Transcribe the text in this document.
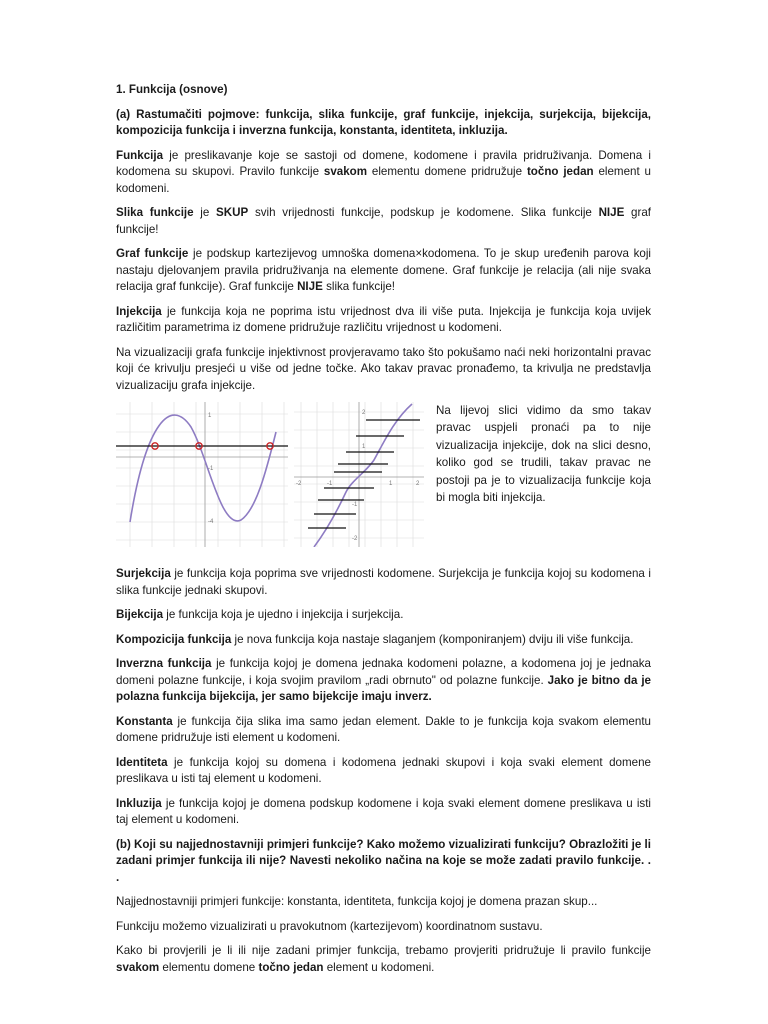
1. Funkcija (osnove)

(a) Rastumačiti pojmove: funkcija, slika funkcije, graf funkcije, injekcija, surjekcija, bijekcija, kompozicija funkcija i inverzna funkcija, konstanta, identiteta, inkluzija.

Funkcija je preslikavanje koje se sastoji od domene, kodomene i pravila pridruživanja. Domena i kodomena su skupovi. Pravilo funkcije svakom elementu domene pridružuje točno jedan element u kodomeni.

Slika funkcije je SKUP svih vrijednosti funkcije, podskup je kodomene. Slika funkcije NIJE graf funkcije!

Graf funkcije je podskup kartezijevog umnoška domena×kodomena. To je skup uređenih parova koji nastaju djelovanjem pravila pridruživanja na elemente domene. Graf funkcije je relacija (ali nije svaka relacija graf funkcije). Graf funkcije NIJE slika funkcije!

Injekcija je funkcija koja ne poprima istu vrijednost dva ili više puta. Injekcija je funkcija koja uvijek različitim parametrima iz domene pridružuje različitu vrijednost u kodomeni.

Na vizualizaciji grafa funkcije injektivnost provjeravamo tako što pokušamo naći neki horizontalni pravac koji će krivulju presjeći u više od jedne točke. Ako takav pravac pronađemo, ta krivulja ne predstavlja vizualizaciju grafa injekcije.

1
-1
-4
2
1
-1
-2
-2	-1	1	2
Na lijevoj slici vidimo da smo takav pravac uspjeli pronaći pa to nije vizualizacija injekcije, dok na slici desno, koliko god se trudili, takav pravac ne postoji pa je to vizualizacija funkcije koja bi mogla biti injekcija.

Surjekcija je funkcija koja poprima sve vrijednosti kodomene. Surjekcija je funkcija kojoj su kodomena i slika funkcije jednaki skupovi.

Bijekcija je funkcija koja je ujedno i injekcija i surjekcija.

Kompozicija funkcija je nova funkcija koja nastaje slaganjem (komponiranjem) dviju ili više funkcija.

Inverzna funkcija je funkcija kojoj je domena jednaka kodomeni polazne, a kodomena joj je jednaka domeni polazne funkcije, i koja svojim pravilom „radi obrnuto" od polazne funkcije. Jako je bitno da je polazna funkcija bijekcija, jer samo bijekcije imaju inverz.

Konstanta je funkcija čija slika ima samo jedan element. Dakle to je funkcija koja svakom elementu domene pridružuje isti element u kodomeni.

Identiteta je funkcija kojoj su domena i kodomena jednaki skupovi i koja svaki element domene preslikava u isti taj element u kodomeni.

Inkluzija je funkcija kojoj je domena podskup kodomene i koja svaki element domene preslikava u isti taj element u kodomeni.

(b) Koji su najjednostavniji primjeri funkcije? Kako možemo vizualizirati funkciju? Obrazložiti je li zadani primjer funkcija ili nije? Navesti nekoliko načina na koje se može zadati pravilo funkcije. . .

Najjednostavniji primjeri funkcije: konstanta, identiteta, funkcija kojoj je domena prazan skup...

Funkciju možemo vizualizirati u pravokutnom (kartezijevom) koordinatnom sustavu.

Kako bi provjerili je li ili nije zadani primjer funkcija, trebamo provjeriti pridružuje li pravilo funkcije svakom elementu domene točno jedan element u kodomeni.
